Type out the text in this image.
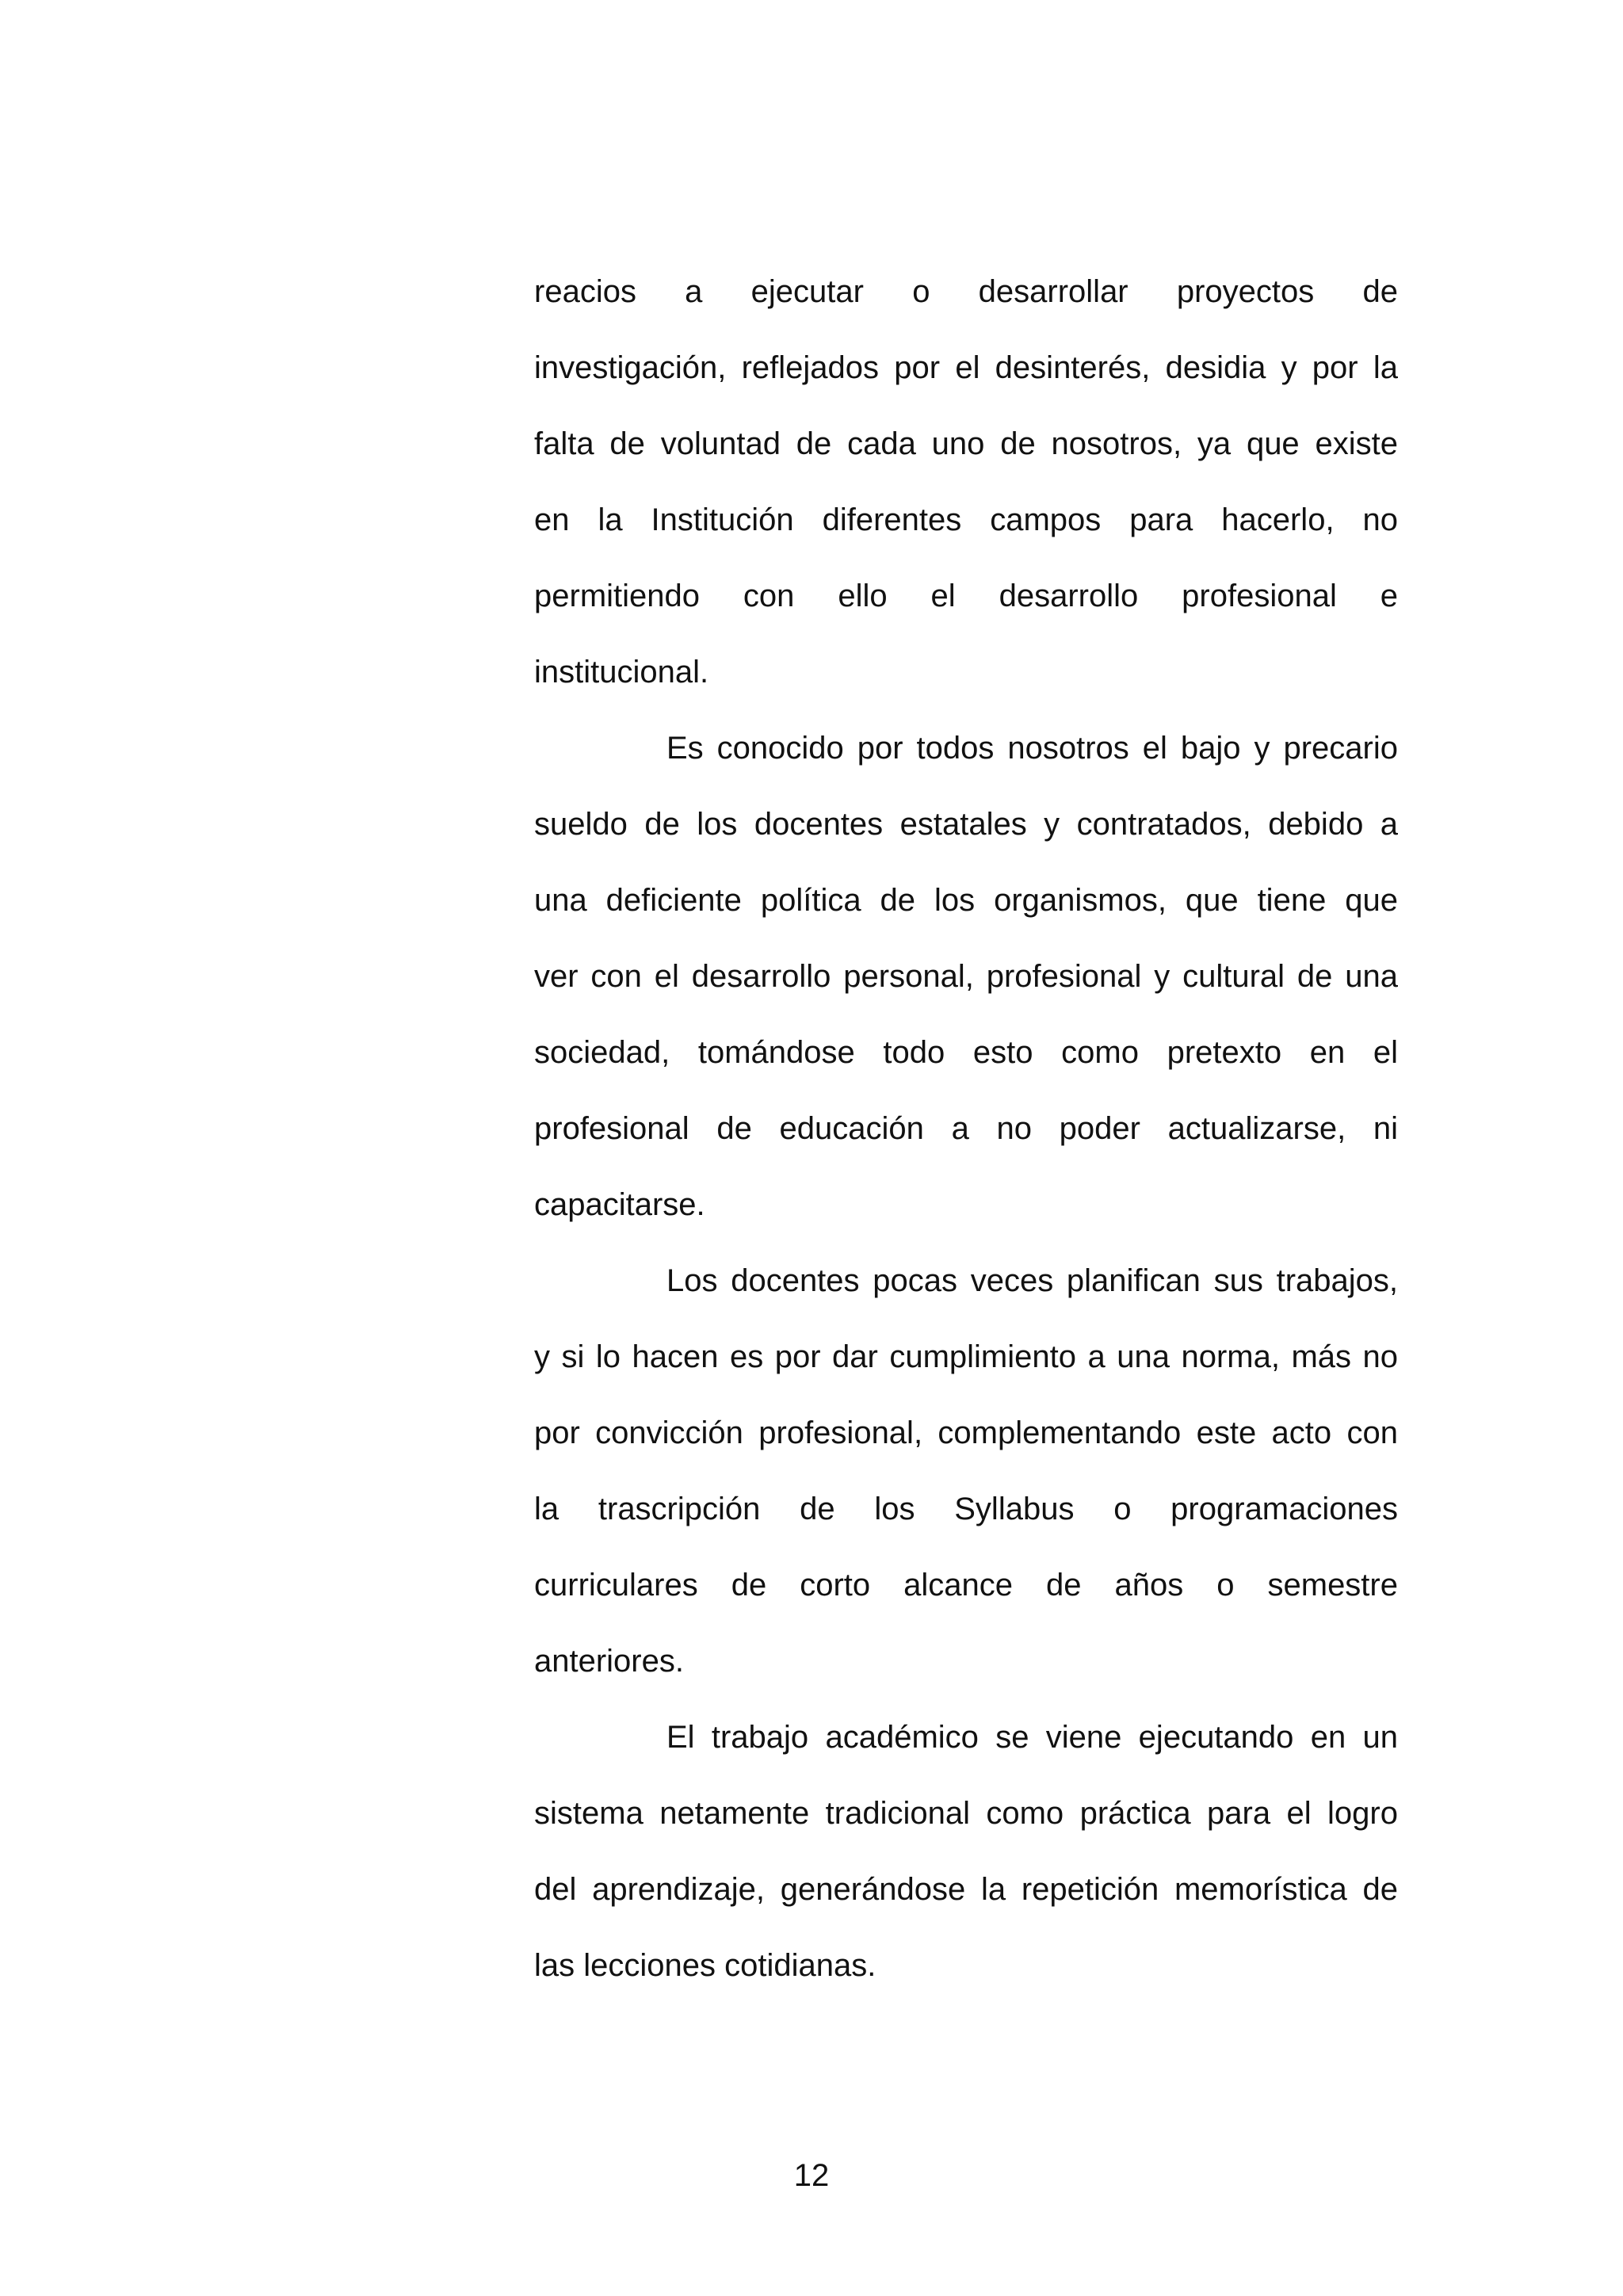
reacios a ejecutar o desarrollar proyectos de
investigación, reflejados por el desinterés, desidia y por la
falta de voluntad de cada uno de nosotros, ya que existe
en la Institución diferentes campos para hacerlo, no
permitiendo con ello el desarrollo profesional e
institucional.
Es conocido por todos nosotros el bajo y precario
sueldo de los docentes estatales y contratados, debido a
una deficiente política de los organismos, que tiene que
ver con el desarrollo personal, profesional y cultural de una
sociedad, tomándose todo esto como pretexto en el
profesional de educación a no poder actualizarse, ni
capacitarse.
Los docentes pocas veces planifican sus trabajos,
y si lo hacen es por dar cumplimiento a una norma, más no
por convicción profesional, complementando este acto con
la trascripción de los Syllabus o programaciones
curriculares de corto alcance de años o semestre
anteriores.
El trabajo académico se viene ejecutando en un
sistema netamente tradicional como práctica para el logro
del aprendizaje, generándose la repetición memorística de
las lecciones cotidianas.
12
